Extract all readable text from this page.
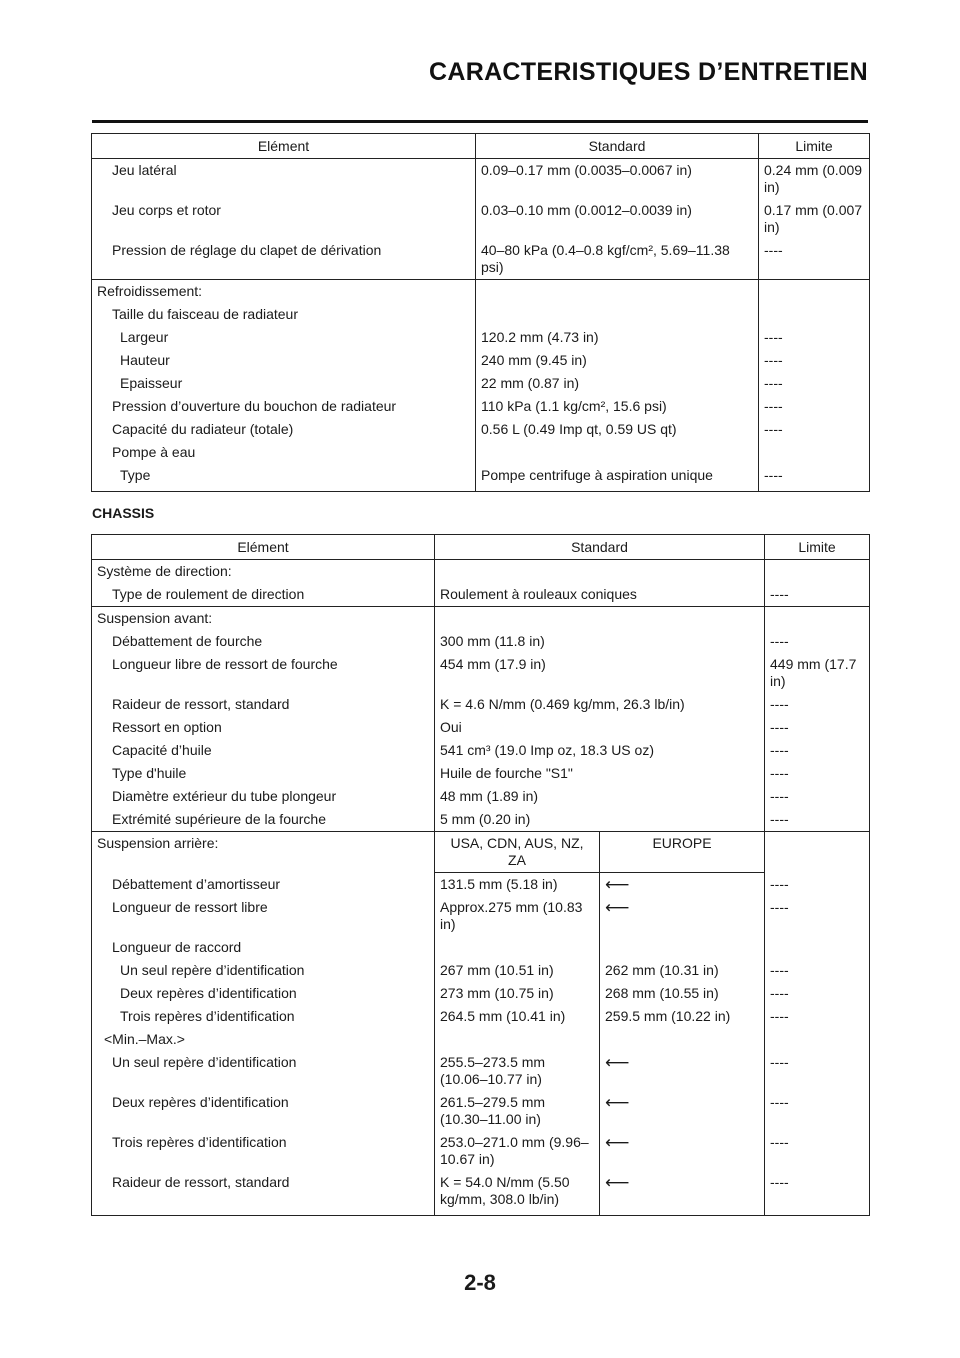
CARACTERISTIQUES D’ENTRETIEN
Elément	Standard	Limite
Jeu latéral	0.09–0.17 mm (0.0035–0.0067 in)	0.24 mm (0.009 in)
Jeu corps et rotor	0.03–0.10 mm (0.0012–0.0039 in)	0.17 mm (0.007 in)
Pression de réglage du clapet de dérivation	40–80 kPa (0.4–0.8 kgf/cm², 5.69–11.38 psi)	----
Refroidissement:		
Taille du faisceau de radiateur		
Largeur	120.2 mm (4.73 in)	----
Hauteur	240 mm (9.45 in)	----
Epaisseur	22 mm (0.87 in)	----
Pression d’ouverture du bouchon de radiateur	110 kPa (1.1 kg/cm², 15.6 psi)	----
Capacité du radiateur (totale)	0.56 L (0.49 Imp qt, 0.59 US qt)	----
Pompe à eau		
Type	Pompe centrifuge à aspiration unique	----
CHASSIS
Elément	Standard		Limite
Système de direction:			
Type de roulement de direction	Roulement à rouleaux coniques		----
Suspension avant:			
Débattement de fourche	300 mm (11.8 in)		----
Longueur libre de ressort de fourche	454 mm (17.9 in)		449 mm (17.7 in)
Raideur de ressort, standard	K = 4.6 N/mm (0.469 kg/mm, 26.3 lb/in)		----
Ressort en option	Oui		----
Capacité d’huile	541 cm³ (19.0 Imp oz, 18.3 US oz)		----
Type d'huile	Huile de fourche "S1"		----
Diamètre extérieur du tube plongeur	48 mm (1.89 in)		----
Extrémité supérieure de la fourche	5 mm (0.20 in)		----
Suspension arrière:	USA, CDN, AUS, NZ, ZA	EUROPE	
Débattement d’amortisseur	131.5 mm (5.18 in)	⟵	----
Longueur de ressort libre	Approx.275 mm (10.83 in)	⟵	----
Longueur de raccord			
Un seul repère d’identification	267 mm (10.51 in)	262 mm (10.31 in)	----
Deux repères d’identification	273 mm (10.75 in)	268 mm (10.55 in)	----
Trois repères d’identification	264.5 mm (10.41 in)	259.5 mm (10.22 in)	----
<Min.–Max.>			
Un seul repère d’identification	255.5–273.5 mm (10.06–10.77 in)	⟵	----
Deux repères d’identification	261.5–279.5 mm (10.30–11.00 in)	⟵	----
Trois repères d’identification	253.0–271.0 mm (9.96–10.67 in)	⟵	----
Raideur de ressort, standard	K = 54.0 N/mm (5.50 kg/mm, 308.0 lb/in)	⟵	----
2-8
